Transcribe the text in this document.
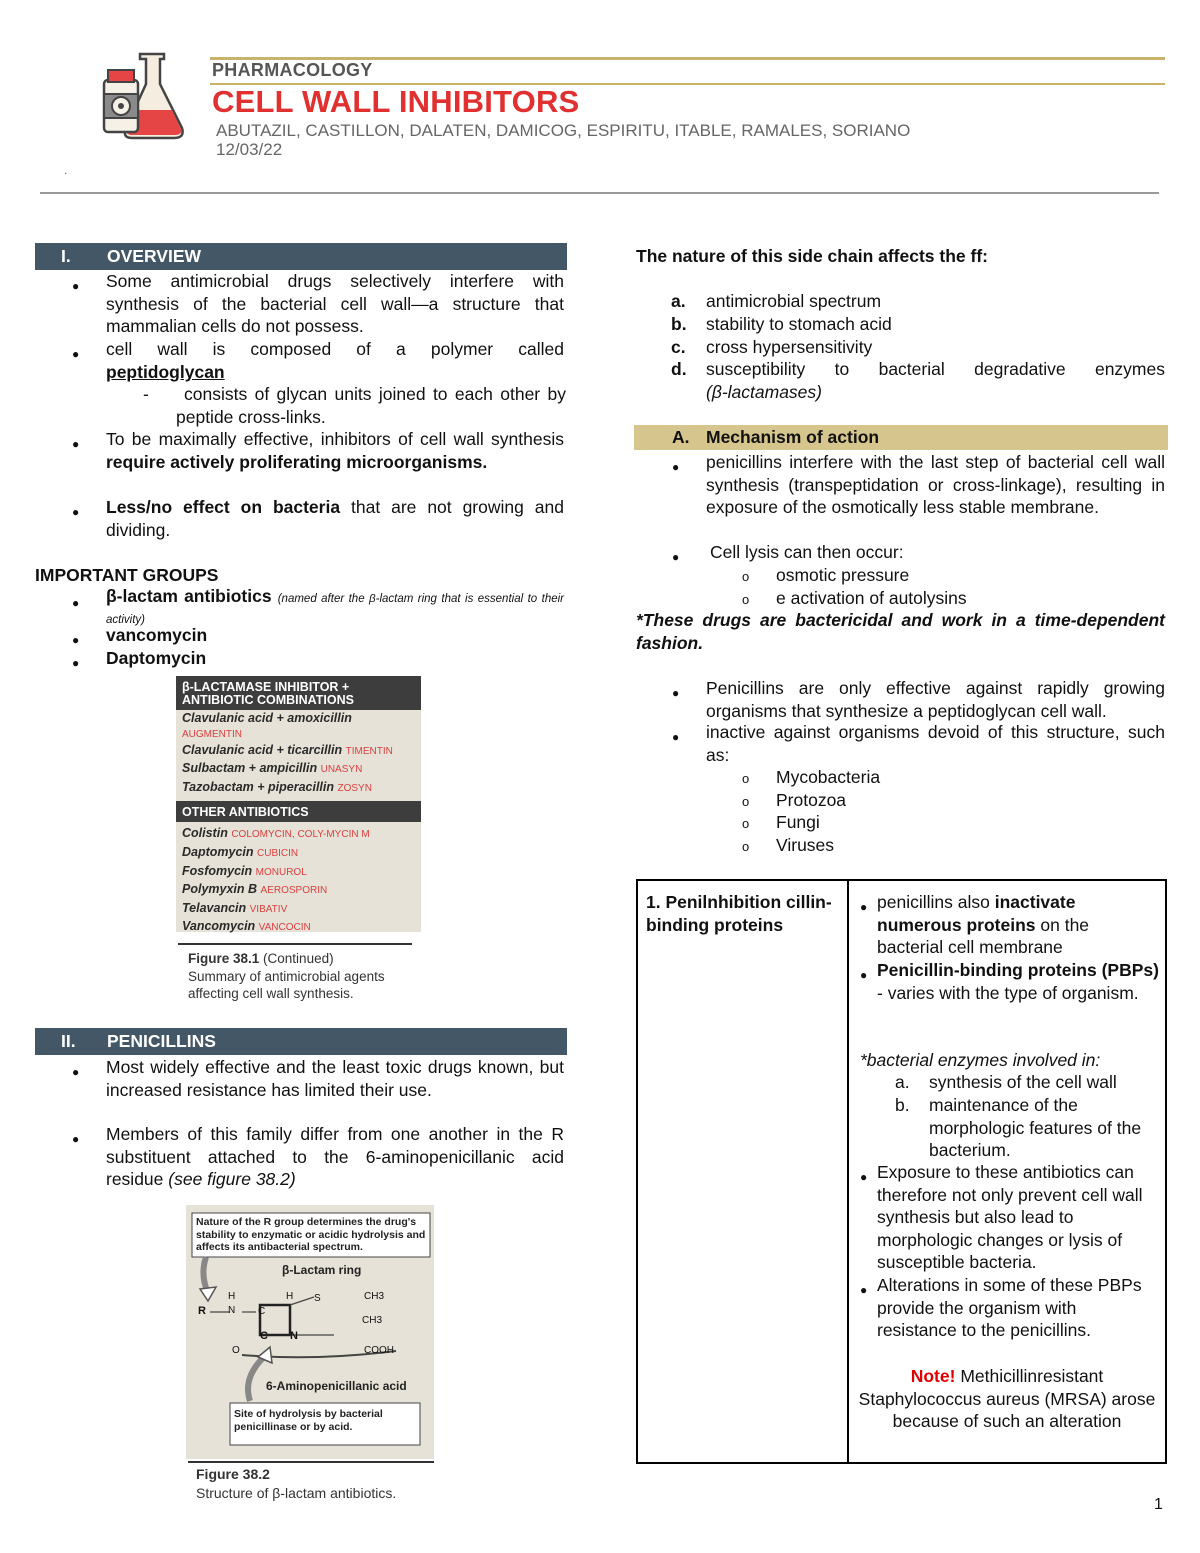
PHARMACOLOGY
CELL WALL INHIBITORS
ABUTAZIL, CASTILLON, DALATEN, DAMICOG, ESPIRITU, ITABLE, RAMALES, SORIANO
12/03/22
.
I. OVERVIEW
● Some antimicrobial drugs selectively interfere with synthesis of the bacterial cell wall—a structure that mammalian cells do not possess.
● cell wall is composed of a polymer called
peptidoglycan
-	consists of glycan units joined to each other by peptide cross-links.
● To be maximally effective, inhibitors of cell wall synthesis require actively proliferating microorganisms.
● Less/no effect on bacteria that are not growing and dividing.
IMPORTANT GROUPS
● β-lactam antibiotics (named after the β-lactam ring that is essential to their activity)
● vancomycin
● Daptomycin
β-LACTAMASE INHIBITOR + ANTIBIOTIC COMBINATIONS
Clavulanic acid + amoxicillin
AUGMENTIN
Clavulanic acid + ticarcillin TIMENTIN
Sulbactam + ampicillin UNASYN
Tazobactam + piperacillin ZOSYN
OTHER ANTIBIOTICS
Colistin COLOMYCIN, COLY-MYCIN M
Daptomycin CUBICIN
Fosfomycin MONUROL
Polymyxin B AEROSPORIN
Telavancin VIBATIV
Vancomycin VANCOCIN
Figure 38.1 (Continued)
Summary of antimicrobial agents
affecting cell wall synthesis.
II. PENICILLINS
● Most widely effective and the least toxic drugs known, but increased resistance has limited their use.
● Members of this family differ from one another in the R substituent attached to the 6-aminopenicillanic acid residue (see figure 38.2)
Nature of the R group determines the drug's stability to enzymatic or acidic hydrolysis and affects its antibacterial spectrum.
β-Lactam ring
R
H
N C
H S	CH3
CH3
C N
O	COOH
6-Aminopenicillanic acid
Site of hydrolysis by bacterial penicillinase or by acid.
Figure 38.2
Structure of β-lactam antibiotics.
The nature of this side chain affects the ff:
a. antimicrobial spectrum
b. stability to stomach acid
c. cross hypersensitivity
d. susceptibility to bacterial degradative enzymes
(β-lactamases)
A. Mechanism of action
● penicillins interfere with the last step of bacterial cell wall synthesis (transpeptidation or cross-linkage), resulting in exposure of the osmotically less stable membrane.
● Cell lysis can then occur:
o osmotic pressure
o e activation of autolysins
*These drugs are bactericidal and work in a time-dependent fashion.
● Penicillins are only effective against rapidly growing organisms that synthesize a peptidoglycan cell wall.
● inactive against organisms devoid of this structure, such as:
o Mycobacteria
o Protozoa
o Fungi
o Viruses
1. Penilnhibition cillin-binding proteins
● penicillins also inactivate numerous proteins on the bacterial cell membrane
● Penicillin-binding proteins (PBPs) - varies with the type of organism.
*bacterial enzymes involved in:
a. synthesis of the cell wall
b. maintenance of the morphologic features of the bacterium.
● Exposure to these antibiotics can therefore not only prevent cell wall synthesis but also lead to morphologic changes or lysis of susceptible bacteria.
● Alterations in some of these PBPs provide the organism with resistance to the penicillins.
Note! Methicillinresistant Staphylococcus aureus (MRSA) arose because of such an alteration
1
